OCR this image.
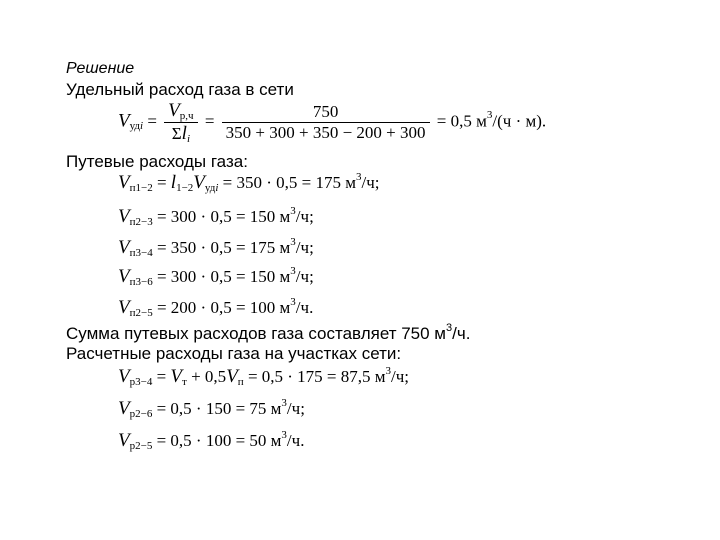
Решение
Удельный расход газа в сети
$V_{удi} = \frac{V_{р,ч}}{\Sigma l_i} = \frac{750}{350 + 300 + 350 - 200 + 300} = 0,5$ $м^3/(ч \cdot м)$.
Путевые расходы газа:
$V_{п1-2} = l_{1-2}V_{удi} = 350 \cdot 0,5 = 175$ $м^3/ч$;
$V_{п2-3} = 300 \cdot 0,5 = 150$ $м^3/ч$;
$V_{п3-4} = 350 \cdot 0,5 = 175$ $м^3/ч$;
$V_{п3-6} = 300 \cdot 0,5 = 150$ $м^3/ч$;
$V_{п2-5} = 200 \cdot 0,5 = 100$ $м^3/ч$.
Сумма путевых расходов газа составляет 750 $м^3/ч$.
Расчетные расходы газа на участках сети:
$V_{р3-4} = V_т + 0,5V_п = 0,5 \cdot 175 = 87,5$ $м^3/ч$;
$V_{р2-6} = 0,5 \cdot 150 = 75$ $м^3/ч$;
$V_{р2-5} = 0,5 \cdot 100 = 50$ $м^3/ч$.
